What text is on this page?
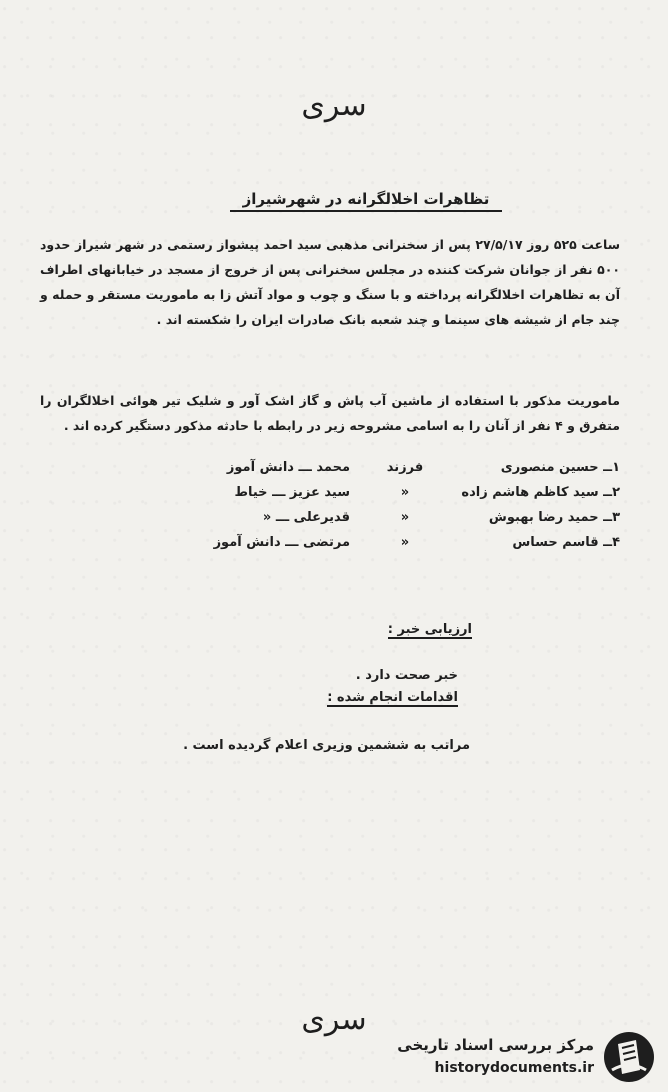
سری
تظاهرات اخلالگرانه در شهرشیراز
ساعت ۵۲۵ روز ۲۷/۵/۱۷ پس از سخنرانی مذهبی سید احمد پیشواز رستمی در شهر شیراز حدود ۵۰۰ نفر از جوانان شرکت کننده در مجلس سخنرانی پس از خروج از مسجد در خیابانهای اطراف آن به تظاهرات اخلالگرانه پرداخته و با سنگ و چوب و مواد آتش زا به ماموریت مستقر و حمله و چند جام از شیشه های سینما و چند شعبه بانک صادرات ایران را شکسته اند .
ماموریت مذکور با استفاده از ماشین آب پاش و گاز اشک آور و شلیک تیر هوائی اخلالگران را متفرق و ۴ نفر از آنان را به اسامی مشروحه زیر در رابطه با حادثه مذکور دستگیر کرده اند .
۱ــ حسین منصوری
فرزند
محمد ـــ دانش آموز
۲ــ سید کاظم هاشم زاده
«
سید عزیز ـــ خیاط
۳ــ حمید رضا بهبوش
«
قدیرعلی ـــ «
۴ــ قاسم حساس
«
مرتضی ـــ دانش آموز
ارزیابی خبر :
خبر صحت دارد .
اقدامات انجام شده :
مراتب به ششمین وزیری اعلام گردیده است .
سری
مرکز بررسی اسناد تاریخی
historydocuments.ir
